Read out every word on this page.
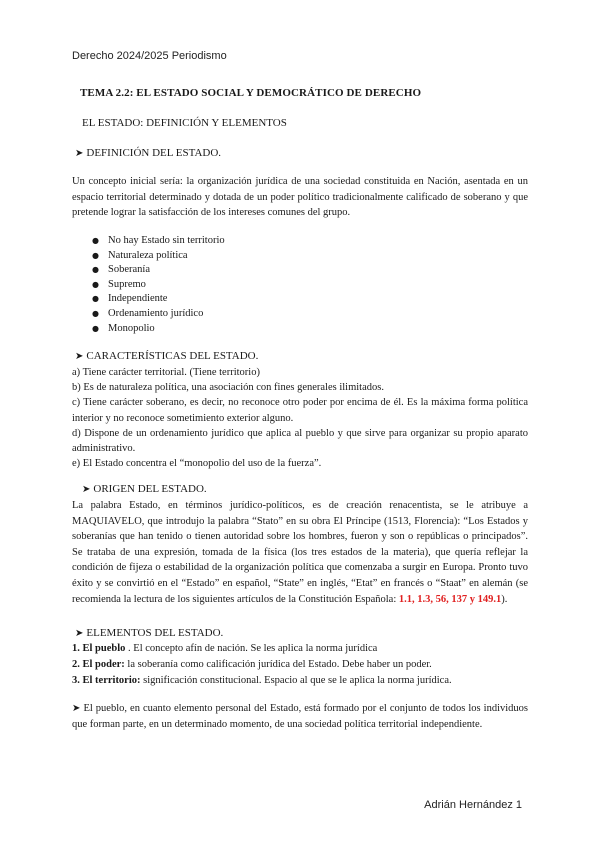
Derecho 2024/2025 Periodismo
TEMA 2.2: EL ESTADO SOCIAL Y DEMOCRÁTICO DE DERECHO
EL ESTADO: DEFINICIÓN Y ELEMENTOS
➤ DEFINICIÓN DEL ESTADO.
Un concepto inicial sería: la organización jurídica de una sociedad constituida en Nación, asentada en un espacio territorial determinado y dotada de un poder político tradicionalmente calificado de soberano y que pretende lograr la satisfacción de los intereses comunes del grupo.
● No hay Estado sin territorio
● Naturaleza política
● Soberanía
● Supremo
● Independiente
● Ordenamiento jurídico
● Monopolio
➤ CARACTERÍSTICAS DEL ESTADO.
a) Tiene carácter territorial. (Tiene territorio)
b) Es de naturaleza política, una asociación con fines generales ilimitados.
c) Tiene carácter soberano, es decir, no reconoce otro poder por encima de él. Es la máxima forma política interior y no reconoce sometimiento exterior alguno.
d) Dispone de un ordenamiento jurídico que aplica al pueblo y que sirve para organizar su propio aparato administrativo.
e) El Estado concentra el “monopolio del uso de la fuerza”.
➤ ORIGEN DEL ESTADO.
La palabra Estado, en términos jurídico-políticos, es de creación renacentista, se le atribuye a MAQUIAVELO, que introdujo la palabra “Stato” en su obra El Príncipe (1513, Florencia): “Los Estados y soberanías que han tenido o tienen autoridad sobre los hombres, fueron y son o repúblicas o principados”. Se trataba de una expresión, tomada de la física (los tres estados de la materia), que quería reflejar la condición de fijeza o estabilidad de la organización política que comenzaba a surgir en Europa. Pronto tuvo éxito y se convirtió en el “Estado” en español, “State” en inglés, “Etat” en francés o “Staat” en alemán (se recomienda la lectura de los siguientes artículos de la Constitución Española: 1.1, 1.3, 56, 137 y 149.1).
➤ ELEMENTOS DEL ESTADO.
1. El pueblo . El concepto afín de nación. Se les aplica la norma jurídica
2. El poder: la soberanía como calificación jurídica del Estado. Debe haber un poder.
3. El territorio: significación constitucional. Espacio al que se le aplica la norma jurídica.
➤ El pueblo, en cuanto elemento personal del Estado, está formado por el conjunto de todos los individuos que forman parte, en un determinado momento, de una sociedad política territorial independiente.
Adrián Hernández 1
